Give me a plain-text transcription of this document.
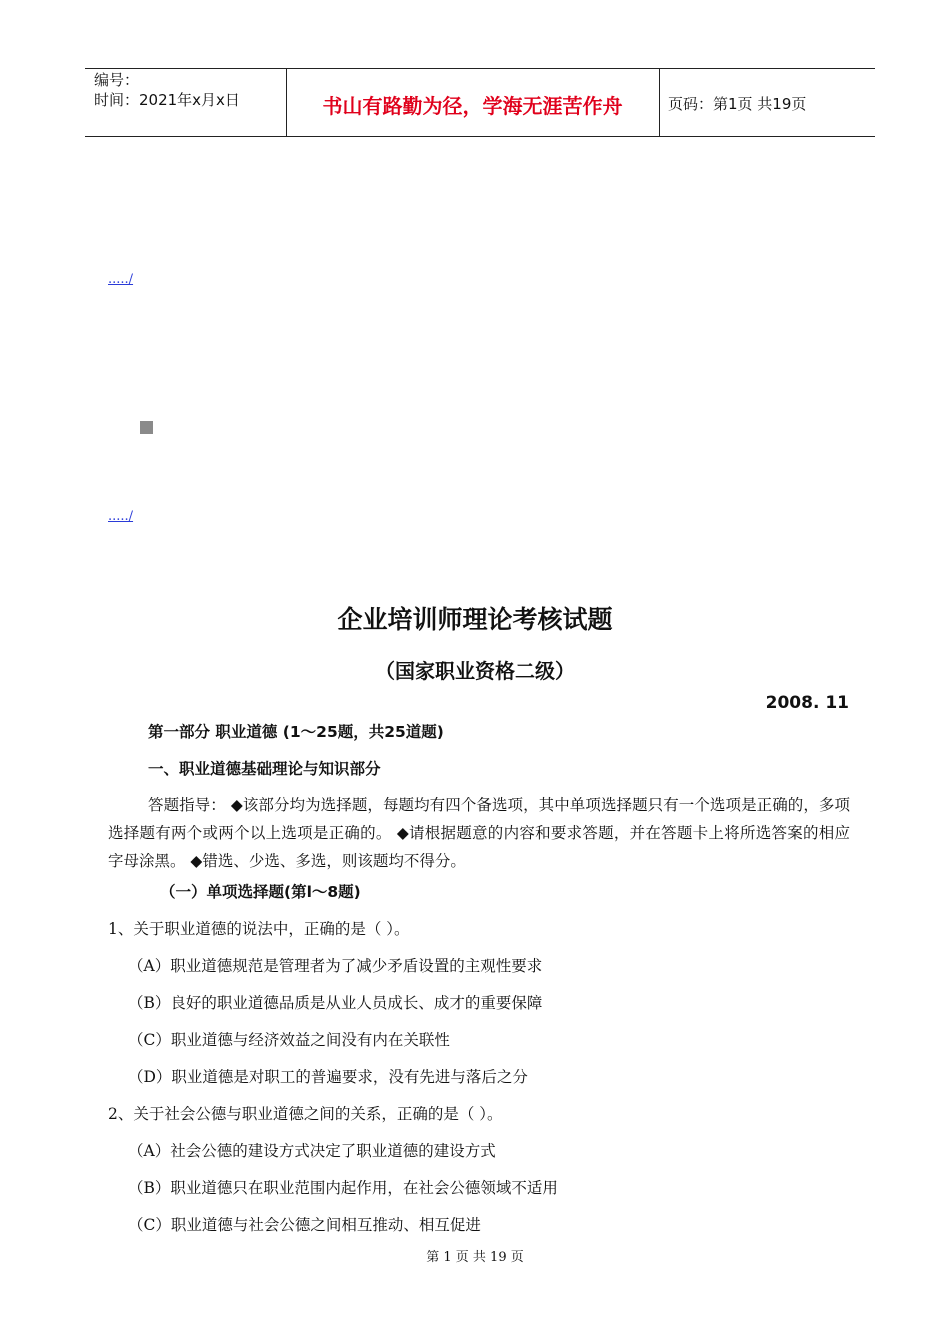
编号：
时间：2021年x月x日	书山有路勤为径，学海无涯苦作舟	页码：第1页 共19页
...../
...../
企业培训师理论考核试题
（国家职业资格二级）
2008. 11
第一部分 职业道德 (1～25题，共25道题)
一、职业道德基础理论与知识部分
答题指导： ◆该部分均为选择题，每题均有四个备选项，其中单项选择题只有一个选项是正确的，多项选择题有两个或两个以上选项是正确的。 ◆请根据题意的内容和要求答题，并在答题卡上将所选答案的相应字母涂黑。 ◆错选、少选、多选，则该题均不得分。
（一）单项选择题(第l～8题)
1、关于职业道德的说法中，正确的是（ ）。
（A）职业道德规范是管理者为了减少矛盾设置的主观性要求
（B）良好的职业道德品质是从业人员成长、成才的重要保障
（C）职业道德与经济效益之间没有内在关联性
（D）职业道德是对职工的普遍要求，没有先进与落后之分
2、关于社会公德与职业道德之间的关系，正确的是（ ）。
（A）社会公德的建设方式决定了职业道德的建设方式
（B）职业道德只在职业范围内起作用，在社会公德领域不适用
（C）职业道德与社会公德之间相互推动、相互促进
第 1 页 共 19 页
